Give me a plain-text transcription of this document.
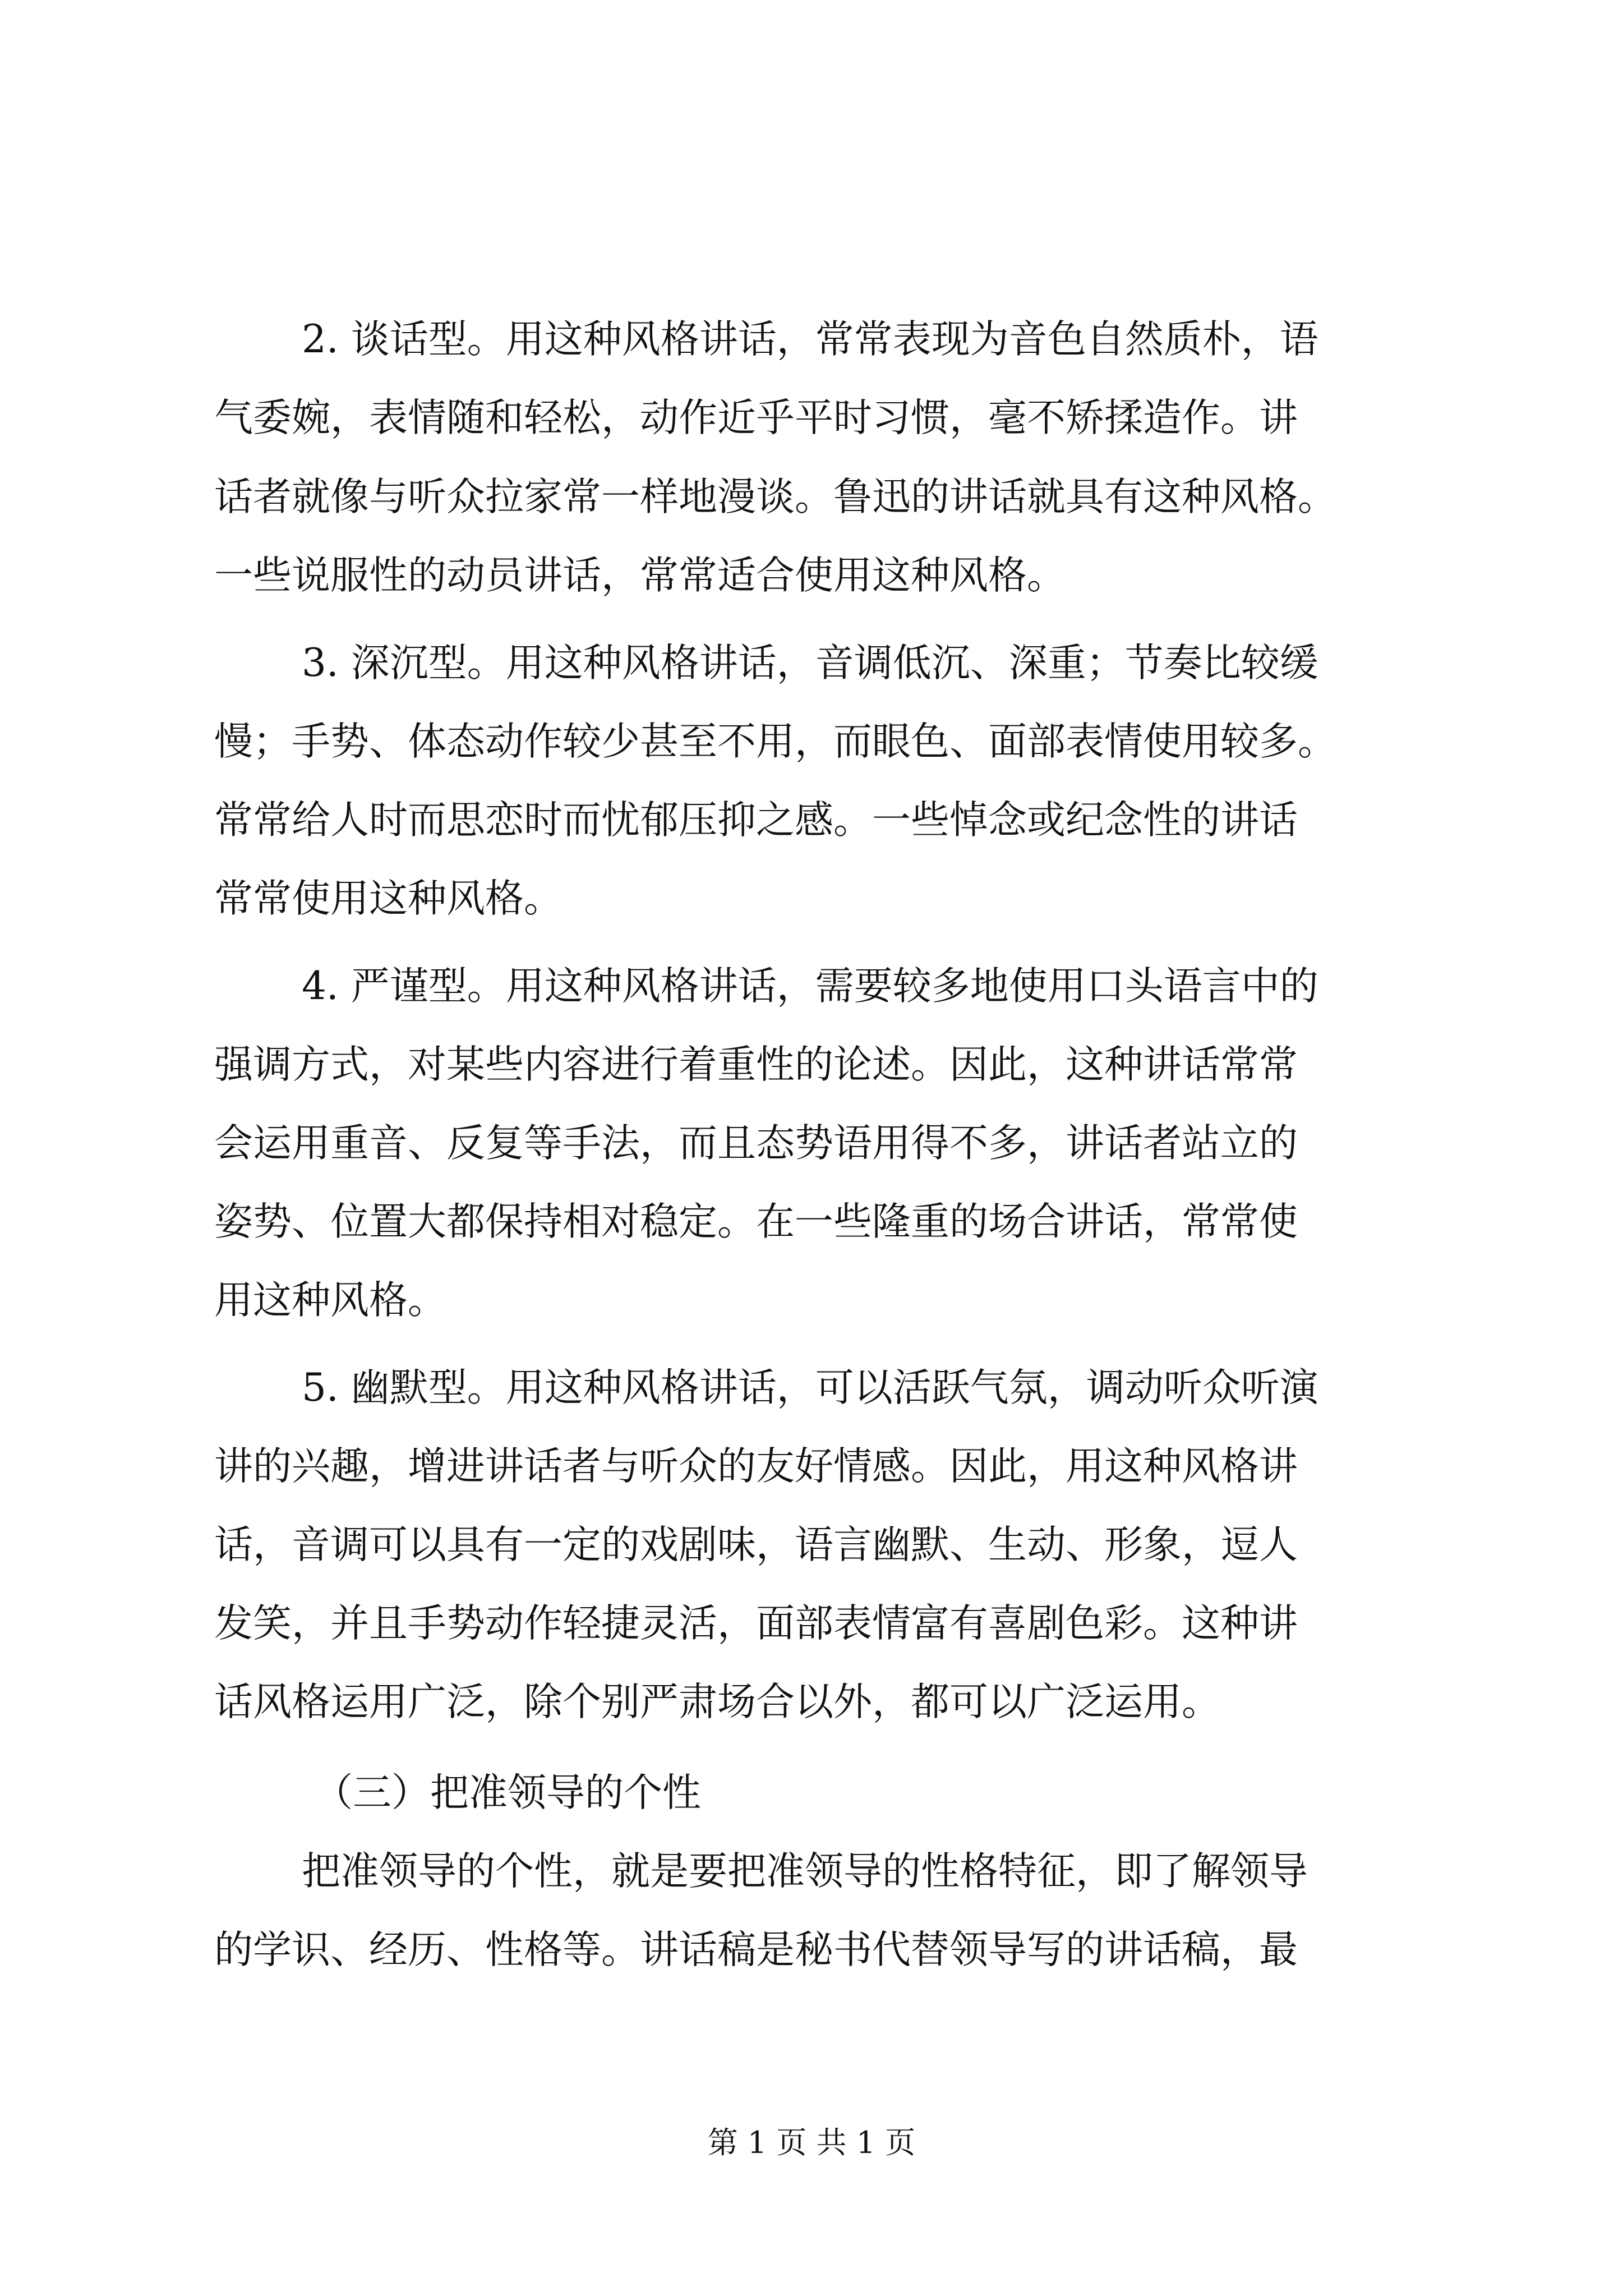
2. 谈话型。用这种风格讲话，常常表现为音色自然质朴，语
气委婉，表情随和轻松，动作近乎平时习惯，毫不矫揉造作。讲
话者就像与听众拉家常一样地漫谈。鲁迅的讲话就具有这种风格。
一些说服性的动员讲话，常常适合使用这种风格。
3. 深沉型。用这种风格讲话，音调低沉、深重；节奏比较缓
慢；手势、体态动作较少甚至不用，而眼色、面部表情使用较多。
常常给人时而思恋时而忧郁压抑之感。一些悼念或纪念性的讲话
常常使用这种风格。
4. 严谨型。用这种风格讲话，需要较多地使用口头语言中的
强调方式，对某些内容进行着重性的论述。因此，这种讲话常常
会运用重音、反复等手法，而且态势语用得不多，讲话者站立的
姿势、位置大都保持相对稳定。在一些隆重的场合讲话，常常使
用这种风格。
5. 幽默型。用这种风格讲话，可以活跃气氛，调动听众听演
讲的兴趣，增进讲话者与听众的友好情感。因此，用这种风格讲
话，音调可以具有一定的戏剧味，语言幽默、生动、形象，逗人
发笑，并且手势动作轻捷灵活，面部表情富有喜剧色彩。这种讲
话风格运用广泛，除个别严肃场合以外，都可以广泛运用。
（三）把准领导的个性
把准领导的个性，就是要把准领导的性格特征，即了解领导
的学识、经历、性格等。讲话稿是秘书代替领导写的讲话稿，最
第 1 页 共 1 页
